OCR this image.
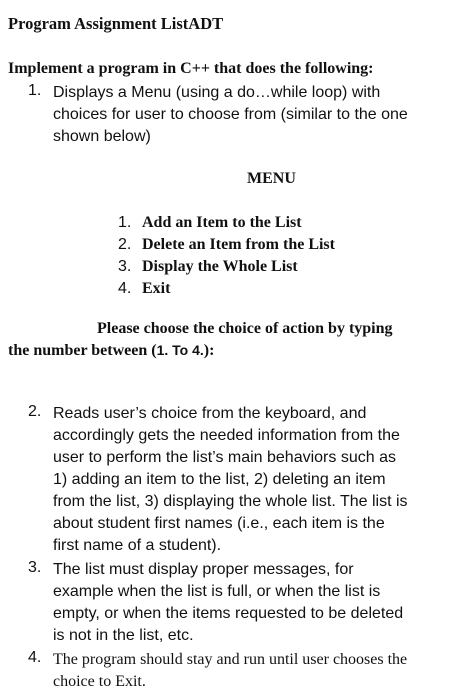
Program Assignment ListADT
Implement a program in C++ that does the following:
1. Displays a Menu (using a do…while loop) with
choices for user to choose from (similar to the one
shown below)
MENU
1. Add an Item to the List
2. Delete an Item from the List
3. Display the Whole List
4. Exit
Please choose the choice of action by typing
the number between (1. To 4.):
2. Reads user’s choice from the keyboard, and
accordingly gets the needed information from the
user to perform the list’s main behaviors such as
1) adding an item to the list, 2) deleting an item
from the list, 3) displaying the whole list. The list is
about student first names (i.e., each item is the
first name of a student).
3. The list must display proper messages, for
example when the list is full, or when the list is
empty, or when the items requested to be deleted
is not in the list, etc.
4. The program should stay and run until user chooses the
choice to Exit.
